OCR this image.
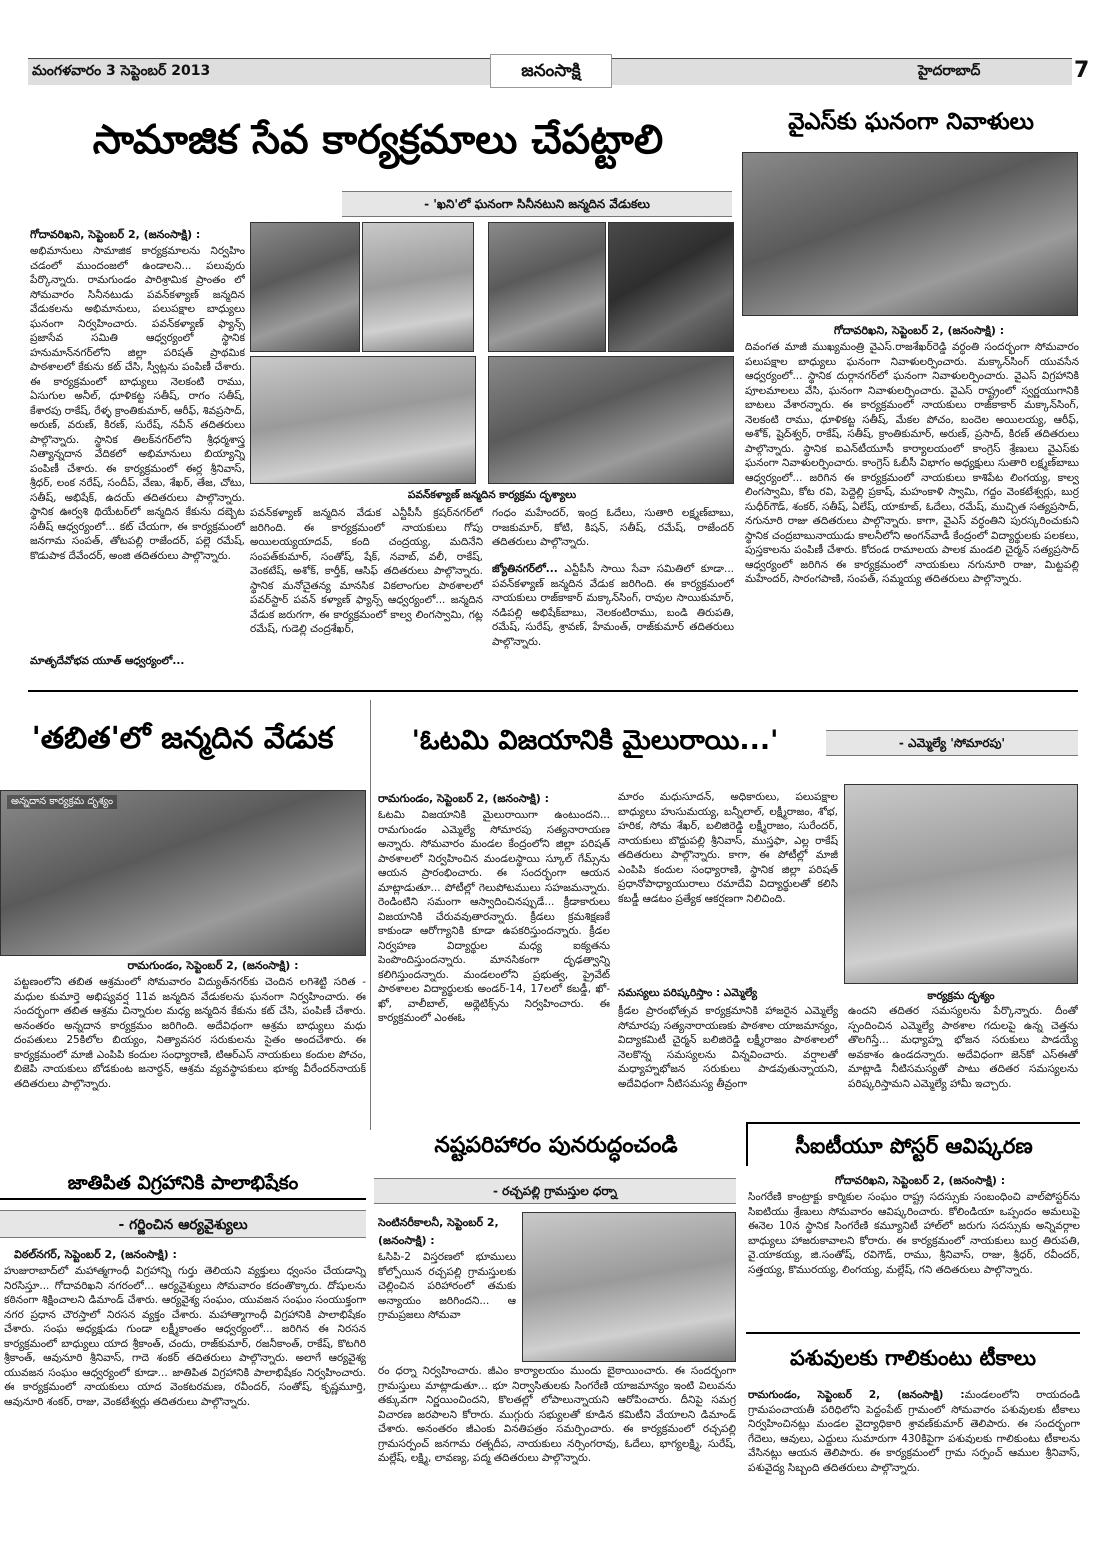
మంగళవారం 3 సెప్టెంబర్ 2013	జనంసాక్షి	హైదరాబాద్	7
సామాజిక సేవ కార్యక్రమాలు చేపట్టాలి
- 'ఖని'లో ఘనంగా సినీనటుని జన్మదిన వేడుకలు
గోదావరిఖని, సెప్టెంబర్ 2, (జనంసాక్షి) :
అభిమానులు సామాజిక కార్యక్రమాలను నిర్వహిం చడంలో ముందంజలో ఉండాలని... పలువురు పేర్కొన్నారు. రామగుండం పారిశ్రామిక ప్రాంతం లో సోమవారం సినీనటుడు పవన్‌కళ్యాణ్ జన్మదిన వేడుకలను అభిమానులు, పలుపక్షాల బాధ్యులు ఘనంగా నిర్వహించారు. పవన్‌కళ్యాణ్ ఫ్యాన్స్ ప్రజాసేవ సమితి ఆధ్వర్యంలో స్థానిక హనుమాన్‌నగర్‌లోని జిల్లా పరిషత్ ప్రాథమిక పాఠశాలలో కేకును కట్ చేసి, స్వీట్లను పంపిణీ చేశారు. ఈ కార్యక్రమంలో బాధ్యులు నెలకంటి రాము, ఏసుగుల అనీల్, ధూళికట్ట సతీష్, రాగం సతీష్, కేశారపు రాకేష్, రేళ్ళ క్రాంతికుమార్, ఆరీఫ్, శివప్రసాద్, అరుణ్, వరుణ్, కిరణ్, సురేష్, నవీన్ తదితరులు పాల్గొన్నారు. స్థానిక తిలక్‌నగర్‌లోని శ్రీధర్మశాస్త్ర నిత్యాన్నదాన వేదికలో అభిమానులు బియ్యాన్ని పంపిణీ చేశారు. ఈ కార్యక్రమంలో ఈర్ల శ్రీనివాస్, శ్రీధర్, లంక నరేష్, సందీప్, వేణు, శేఖర్, తేజ, చోటు, సతీష్, అభిషేక్, ఉదయ్ తదితరులు పాల్గొన్నారు. స్థానిక ఊర్వశి థియేటర్‌లో జన్మదిన కేకును దబ్బెట సతీష్ ఆధ్వర్యంలో... కట్ చేయగా, ఈ కార్యక్రమంలో జనగామ సంపత్, తోటపల్లి రాజేందర్, పల్లె రమేష్, కొడుపాక దేవేందర్, అంజి తదితరులు పాల్గొన్నారు.
మాతృదేవోభవ యూత్ ఆధ్వర్యంలో...
పవన్‌కళ్యాణ్ జన్మదిన కార్యక్రమ దృశ్యాలు
పవన్‌కళ్యాణ్ జన్మదిన వేడుక ఎన్టీపీసీ క్రషర్‌నగర్‌లో జరిగింది. ఈ కార్యక్రమంలో నాయకులు గోపు అయిలయ్యయాదవ్, కంది చంద్రయ్య, మదినేని సంపత్‌కుమార్, సంతోష్, షేక్, నవాబ్, వలీ, రాకేష్, వెంకటేష్, అశోక్, కార్తీక్, ఆసిఫ్ తదితరులు పాల్గొన్నారు. స్థానిక మనోచైతన్య మానసిక వికలాంగుల పాఠశాలలో పవర్‌స్టార్ పవన్ కళ్యాణ్ ఫ్యాన్స్ ఆధ్వర్యంలో... జన్మదిన వేడుక జరుగగా, ఈ కార్యక్రమంలో కాల్వ లింగస్వామి, గట్ల రమేష్, గుడెల్లి చంద్రశేఖర్,
గంధం మహేందర్, ఇంద్ర ఓదేలు, సుతారి లక్ష్మణ్‌బాబు, రాజకుమార్, కోటి, కిషన్, సతీష్, రమేష్, రాజేందర్ తదితరులు పాల్గొన్నారు.
జ్యోతినగర్‌లో... ఎన్టీపీసీ సాయి సేవా సమితిలో కూడా... పవన్‌కళ్యాణ్ జన్మదిన వేడుక జరిగింది. ఈ కార్యక్రమంలో నాయకులు రాజ్‌కాకార్ మక్కాన్‌సింగ్, రావుల సాయికుమార్, నడిపల్లి అభిషేక్‌బాబు, నెలకంటిరాము, బండి తిరుపతి, రమేష్, సురేష్, శ్రావణ్, హేమంత్, రాజ్‌కుమార్ తదితరులు పాల్గొన్నారు.
వైఎస్‌కు ఘనంగా నివాళులు
గోదావరిఖని, సెప్టెంబర్ 2, (జనంసాక్షి) :
దివంగత మాజీ ముఖ్యమంత్రి వైఎస్.రాజశేఖర్‌రెడ్డి వర్ధంతి సందర్భంగా సోమవారం పలుపక్షాల బాధ్యులు ఘనంగా నివాళులర్పించారు. మక్కాన్‌సింగ్ యువసేన ఆధ్వర్యంలో... స్థానిక దుర్గానగర్‌లో ఘనంగా నివాళులర్పించారు. వైఎస్ విగ్రహానికి పూలమాలలు వేసి, ఘనంగా నివాళులర్పించారు. వైఎస్ రాష్ట్రంలో స్వర్ణయుగానికి బాటలు వేశారన్నారు. ఈ కార్యక్రమంలో నాయకులు రాజ్‌కాకార్ మక్కాన్‌సింగ్, నెలకంటి రాము, ధూళికట్ట సతీష్, మేకల పోచం, బందెల అయిలయ్య, ఆరీఫ్, అశోక్, షైద్‌శ్వర్, రాకేష్, సతీష్, క్రాంతికుమార్, అరుణ్, ప్రసాద్, కిరణ్ తదితరులు పాల్గొన్నారు. స్థానిక ఐఎన్‌టీయూసీ కార్యాలయంలో కాంగ్రెస్ శ్రేణులు వైఎస్‌కు ఘనంగా నివాళులర్పించారు. కాంగ్రెస్ ఓబీసీ విభాగం అధ్యక్షులు సుతారి లక్ష్మణ్‌బాబు ఆధ్వర్యంలో... జరిగిన ఈ కార్యక్రమంలో నాయకులు కాశిపేట లింగయ్య, కాల్వ లింగస్వామి, కోట రవి, పెద్దెల్లి ప్రకాష్, మహంకాళి స్వామి, గద్దం వెంకటేశ్వర్లు, బుర్ర సుధీర్‌గౌడ్, శంకర్, సతీష్, ఏలేష్, యాకూబ్, ఓదేలు, రమేష్, ముచ్చిత సత్యప్రసాద్, నగునూరి రాజు తదితరులు పాల్గొన్నారు. కాగా, వైఎస్ వర్ధంతిని పురస్కరించుకుని స్థానిక చంద్రబాబునాయుడు కాలనీలోని అంగన్‌వాడీ కేంద్రంలో విద్యార్థులకు పలకలు, పుస్తకాలను పంపిణీ చేశారు. కోదండ రామాలయ పాలక మండలి చైర్మన్ సత్యప్రసాద్ ఆధ్వర్యంలో జరిగిన ఈ కార్యక్రమంలో నాయకులు నగునూరి రాజు, మిట్టపల్లి మహేందర్, సారంగపాణి, సంపత్, సమ్మయ్య తదితరులు పాల్గొన్నారు.
'తబిత'లో జన్మదిన వేడుక
అన్నదాన కార్యక్రమ దృశ్యం
రామగుండం, సెప్టెంబర్ 2, (జనంసాక్షి) :
పట్టణంలోని తబిత ఆశ్రమంలో సోమవారం విద్యుత్‌నగర్‌కు చెందిన లగిశెట్టి సరిత - మధుల కుమార్తె అభిష్యవర్ష 11వ జన్మదిన వేడుకలను ఘనంగా నిర్వహించారు. ఈ సందర్భంగా తబిత ఆశ్రమ చిన్నారుల మధ్య జన్మదిన కేకును కట్ చేసి, పంపిణీ చేశారు. అనంతరం అన్నదాన కార్యక్రమం జరిగింది. అదేవిధంగా ఆశ్రమ బాధ్యులు మధు దంపతులు 25కిలోల బియ్యం, నిత్యావసర సరుకులను సైతం అందచేశారు. ఈ కార్యక్రమంలో మాజీ ఎంపిపి కందుల సంధ్యారాణి, టిఆర్ఎస్ నాయకులు కందుల పోచం, బిజెపి నాయకులు బోడకుంట జనార్ధన్, ఆశ్రమ వ్యవస్థాపకులు భూక్య వీరేందర్‌నాయక్ తదితరులు పాల్గొన్నారు.
'ఓటమి విజయానికి మైలురాయి...'	- ఎమ్మెల్యే 'సోమారపు'
రామగుండం, సెప్టెంబర్ 2, (జనంసాక్షి) :
ఓటమి విజయానికి మైలురాయిగా ఉంటుందని... రామగుండం ఎమ్మెల్యే సోమారపు సత్యనారాయణ అన్నారు. సోమవారం మండల కేంద్రంలోని జిల్లా పరిషత్ పాఠశాలలో నిర్వహించిన మండలస్థాయి స్కూల్ గేమ్స్‌ను ఆయన ప్రారంభించారు. ఈ సందర్భంగా ఆయన మాట్లాడుతూ... పోటీల్లో గెలుపోటములు సహజమన్నారు. రెండింటిని సమంగా ఆస్వాదించినప్పుడే... క్రీడాకారులు విజయానికి చేరువవుతారన్నారు. క్రీడలు క్రమశిక్షణకే కాకుండా ఆరోగ్యానికి కూడా ఉపకరిస్తుందన్నారు. క్రీడల నిర్వహణ విద్యార్థుల మధ్య ఐక్యతను పెంపొందిస్తుందన్నారు. మానసికంగా దృఢత్వాన్ని కలిగిస్తుందన్నారు. మండలంలోని ప్రభుత్వ, ప్రైవేట్ పాఠశాలల విద్యార్థులకు అండర్-14, 17లలో కబడ్డీ, ఖో-ఖో, వాలీబాల్, అథ్లెటిక్స్‌ను నిర్వహించారు. ఈ కార్యక్రమంలో ఎంఈఓ
మారం మధుసూదన్, అధికారులు, పలుపక్షాల బాధ్యులు హుసుమయ్య, బన్నీలాల్, లక్ష్మీరాజం, శోభ, హరిక, సోమ శేఖర్, బలిజిరెడ్డి లక్ష్మీరాజం, సురేందర్, నాయకులు బొద్దుపల్లి శ్రీనివాస్, ముస్తఫా, ఎల్ల రాకేష్ తదితరులు పాల్గొన్నారు. కాగా, ఈ పోటీల్లో మాజీ ఎంపిపి కందుల సంధ్యారాణి, స్థానిక జిల్లా పరిషత్ ప్రధానోపాధ్యాయురాలు రమాదేవి విద్యార్థులతో కలిసి కబడ్డీ ఆడటం ప్రత్యేక ఆకర్షణగా నిలిచింది.
సమస్యలు పరిష్కరిస్తాం : ఎమ్మెల్యే
క్రీడల ప్రారంభోత్సవ కార్యక్రమానికి హాజరైన ఎమ్మెల్యే సోమారపు సత్యనారాయణకు పాఠశాల యాజమాన్యం, విద్యాకమిటీ చైర్మన్ బలిజిరెడ్డి లక్ష్మీరాజం పాఠశాలలో నెలకొన్న సమస్యలను విన్నవించారు. వర్షాలతో మధ్యాహ్నభోజన సరుకులు పాడవుతున్నాయని, అదేవిధంగా నీటిసమస్య తీవ్రంగా
కార్యక్రమ దృశ్యం
ఉందని తదితర సమస్యలను పేర్కొన్నారు. దీంతో స్పందించిన ఎమ్మెల్యే పాఠశాల గదులపై ఉన్న చెత్తను తొలగిస్తే... మధ్యాహ్న భోజన సరుకులు పాడయ్యే అవకాశం ఉండదన్నారు. అదేవిధంగా జెన్‌కో ఎస్ఈతో మాట్లాడి నీటిసమస్యతో పాటు తదితర సమస్యలను పరిష్కరిస్తామని ఎమ్మెల్యే హామీ ఇచ్చారు.
జాతిపిత విగ్రహానికి పాలాభిషేకం
- గర్జించిన ఆర్యవైశ్యులు
విఠల్‌నగర్, సెప్టెంబర్ 2, (జనంసాక్షి) :
హుజురాబాద్‌లో మహాత్మగాంధీ విగ్రహాన్ని గుర్తు తెలియని వ్యక్తులు ధ్వంసం చేయడాన్ని నిరసిస్తూ... గోదావరిఖని నగరంలో... ఆర్యవైశ్యులు సోమవారం కదంతొక్కారు. దోషులను కఠినంగా శిక్షించాలని డిమాండ్ చేశారు. ఆర్యవైశ్య సంఘం, యువజన సంఘం సంయుక్తంగా నగర ప్రధాన చౌరస్తాలో నిరసన వ్యక్తం చేశారు. మహాత్మాగాంధీ విగ్రహానికి పాలాభిషేకం చేశారు. సంఘ అధ్యక్షుడు గుండా లక్ష్మీకాంతం ఆధ్వర్యంలో... జరిగిన ఈ నిరసన కార్యక్రమంలో బాధ్యులు యాద శ్రీకాంత్, చందు, రాజ్‌కుమార్, రజనీకాంత్, రాకేష్, కొటగిరి శ్రీకాంత్, ఆవునూరి శ్రీనివాస్, గాదె శంకర్ తదితరులు పాల్గొన్నారు. అలాగే ఆర్యవైశ్య యువజన సంఘం ఆధ్వర్యంలో కూడా... జాతిపిత విగ్రహానికి పాలాభిషేకం నిర్వహించారు. ఈ కార్యక్రమంలో నాయకులు యాద వెంకటరమణ, రవీందర్, సంతోష్, కృష్ణమూర్తి, ఆవునూరి శంకర్, రాజు, వెంకటేశ్వర్లు తదితరులు పాల్గొన్నారు.
నష్టపరిహారం పునరుద్ధంచండి
- రచ్చపల్లి గ్రామస్తుల ధర్నా
సెంటినరీకాలనీ, సెప్టెంబర్ 2, (జనంసాక్షి) :
ఓసిపి-2 విస్తరణలో భూములు కోల్పోయిన రచ్చపల్లి గ్రామస్తులకు చెల్లించిన పరిహారంలో తమకు అన్యాయం జరిగిందని... ఆ గ్రామప్రజలు సోమవా
రం ధర్నా నిర్వహించారు. జీఎం కార్యాలయం ముందు బైఠాయించారు. ఈ సందర్భంగా గ్రామస్తులు మాట్లాడుతూ... భూ నిర్వాసితులకు సింగరేణి యాజమాన్యం ఇంటి విలువను తక్కువగా నిర్ణయించిందని, కొలతల్లో లోపాలున్నాయని ఆరోపించారు. దీనిపై సమగ్ర విచారణ జరపాలని కోరారు. ముగ్గురు సభ్యులతో కూడిన కమిటీని వేయాలని డిమాండ్ చేశారు. అనంతరం జీఎంకు వినతిపత్రం సమర్పించారు. ఈ కార్యక్రమంలో రచ్చపల్లి గ్రామసర్పంచ్ జనగామ రత్నదీప, నాయకులు నర్సింగరావు, ఓదేలు, భాగ్యలక్ష్మి, సురేష్, మల్లేష్, లక్ష్మి, లావణ్య, పద్మ తదితరులు పాల్గొన్నారు.
సీఐటీయూ పోస్టర్ ఆవిష్కరణ
గోదావరిఖని, సెప్టెంబర్ 2, (జనంసాక్షి) :
సింగరేణి కాంట్రాక్టు కార్మికుల సంఘం రాష్ట్ర సదస్సుకు సంబంధించి వాల్‌పోస్టర్‌ను సిఐటియు శ్రేణులు సోమవారం ఆవిష్కరించారు. కోలిండియా ఒప్పందం అమలుపై ఈనెల 10న స్థానిక సింగరేణి కమ్యూనిటీ హాల్‌లో జరుగు సదస్సుకు అన్నివర్గాల బాధ్యులు హాజరుకావాలని కోరారు. ఈ కార్యక్రమంలో నాయకులు బుర్ర తిరుపతి, వై.యాకయ్య, జి.సంతోష్, రవిగౌడ్, రాము, శ్రీనివాస్, రాజు, శ్రీధర్, రవీందర్, సత్తయ్య, కొమురయ్య, లింగయ్య, మల్లేష్, గని తదితరులు పాల్గొన్నారు.
పశువులకు గాలికుంటు టీకాలు
రామగుండం, సెప్టెంబర్ 2, (జనంసాక్షి) :మండలంలోని రాయదండి గ్రామపంచాయతీ పరిధిలోని పెద్దంపేట్ గ్రామంలో సోమవారం పశువులకు టీకాలు నిర్వహించినట్లు మండల వైద్యాధికారి శ్రావణ్‌కుమార్ తెలిపారు. ఈ సందర్భంగా గేదెలు, ఆవులు, ఎద్దులు సుమారుగా 430కిపైగా పశువులకు గాలికుంటు టీకాలను వేసినట్లు ఆయన తెలిపారు. ఈ కార్యక్రమంలో గ్రామ సర్పంచ్ ఆముల శ్రీనివాస్, పశువైద్య సిబ్బంది తదితరులు పాల్గొన్నారు.
